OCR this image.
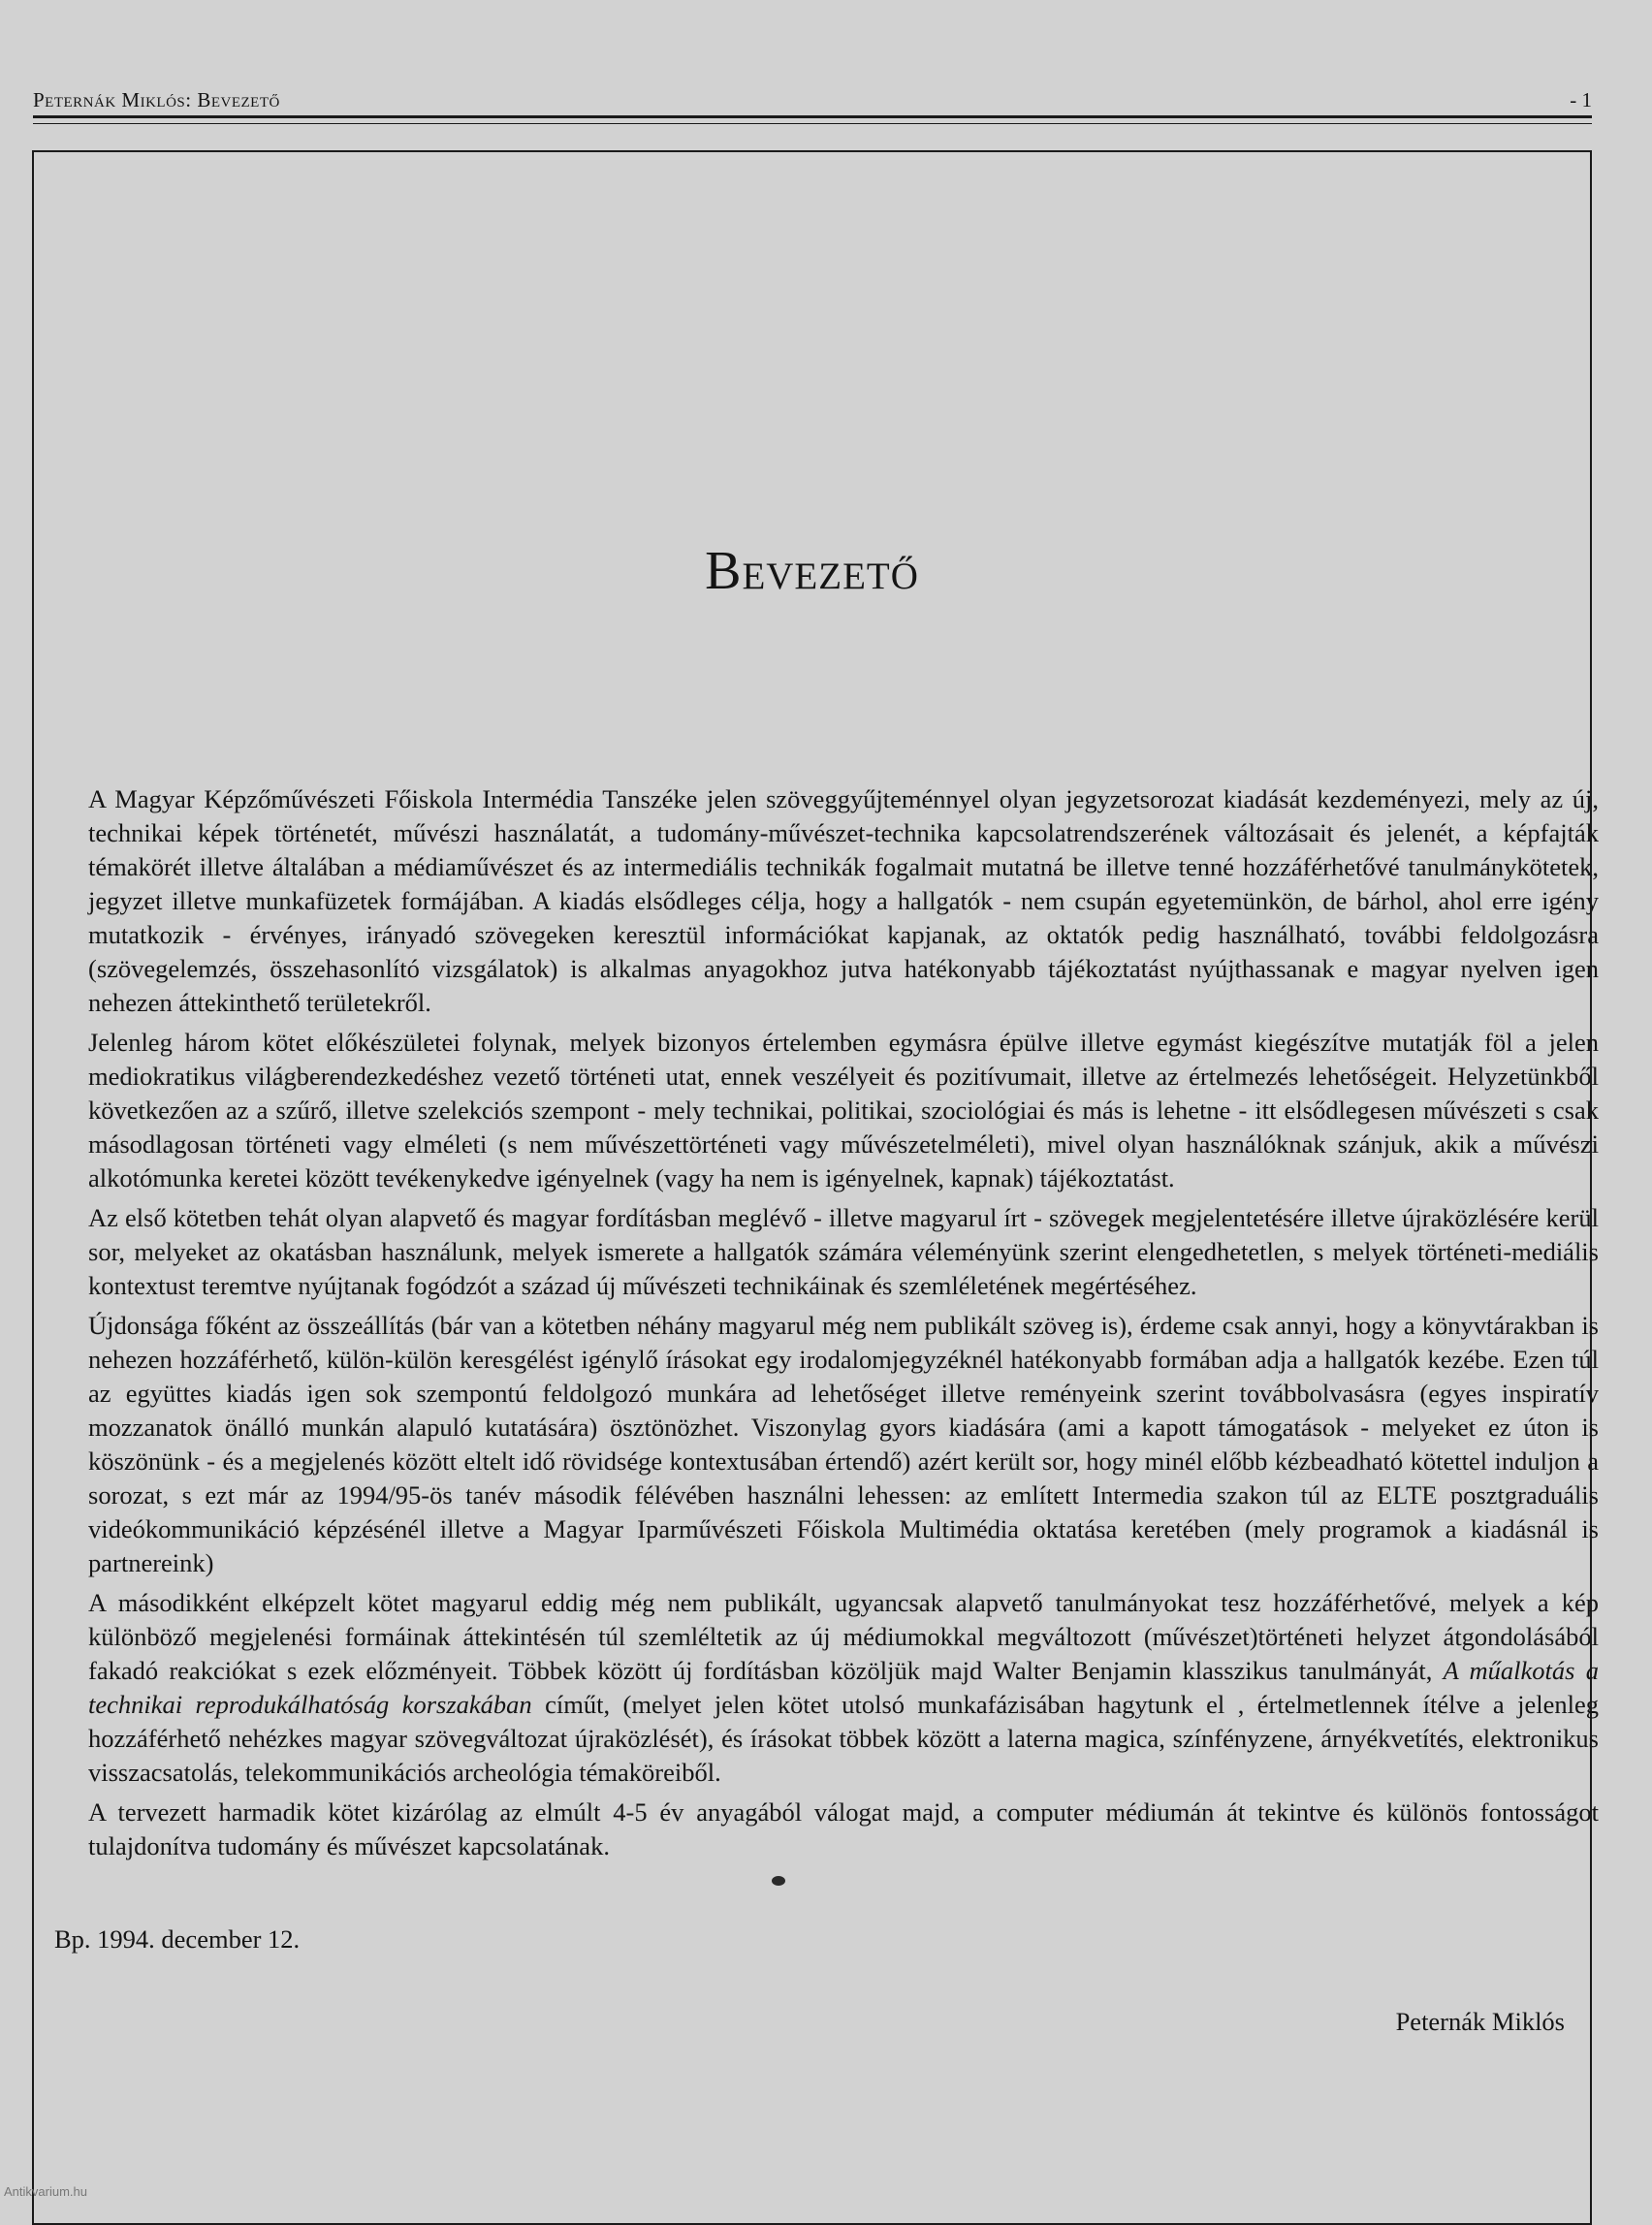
Peternák Miklós: Bevezető	- 1
Bevezető

A Magyar Képzőművészeti Főiskola Intermédia Tanszéke jelen szöveggyűjteménnyel olyan jegyzetsorozat kiadását kezdeményezi, mely az új, technikai képek történetét, művészi használatát, a tudomány-művészet-technika kapcsolatrendszerének változásait és jelenét, a képfajták témakörét illetve általában a médiaművészet és az intermediális technikák fogalmait mutatná be illetve tenné hozzáférhetővé tanulmánykötetek, jegyzet illetve munkafüzetek formájában. A kiadás elsődleges célja, hogy a hallgatók - nem csupán egyetemünkön, de bárhol, ahol erre igény mutatkozik - érvényes, irányadó szövegeken keresztül információkat kapjanak, az oktatók pedig használható, további feldolgozásra (szövegelemzés, összehasonlító vizsgálatok) is alkalmas anyagokhoz jutva hatékonyabb tájékoztatást nyújthassanak e magyar nyelven igen nehezen áttekinthető területekről.

Jelenleg három kötet előkészületei folynak, melyek bizonyos értelemben egymásra épülve illetve egymást kiegészítve mutatják föl a jelen mediokratikus világberendezkedéshez vezető történeti utat, ennek veszélyeit és pozitívumait, illetve az értelmezés lehetőségeit. Helyzetünkből következően az a szűrő, illetve szelekciós szempont - mely technikai, politikai, szociológiai és más is lehetne - itt elsődlegesen művészeti s csak másodlagosan történeti vagy elméleti (s nem művészettörténeti vagy művészetelméleti), mivel olyan használóknak szánjuk, akik a művészi alkotómunka keretei között tevékenykedve igényelnek (vagy ha nem is igényelnek, kapnak) tájékoztatást.

Az első kötetben tehát olyan alapvető és magyar fordításban meglévő - illetve magyarul írt - szövegek megjelentetésére illetve újraközlésére kerül sor, melyeket az okatásban használunk, melyek ismerete a hallgatók számára véleményünk szerint elengedhetetlen, s melyek történeti-mediális kontextust teremtve nyújtanak fogódzót a század új művészeti technikáinak és szemléletének megértéséhez.

Újdonsága főként az összeállítás (bár van a kötetben néhány magyarul még nem publikált szöveg is), érdeme csak annyi, hogy a könyvtárakban is nehezen hozzáférhető, külön-külön keresgélést igénylő írásokat egy irodalomjegyzéknél hatékonyabb formában adja a hallgatók kezébe. Ezen túl az együttes kiadás igen sok szempontú feldolgozó munkára ad lehetőséget illetve reményeink szerint továbbolvasásra (egyes inspiratív mozzanatok önálló munkán alapuló kutatására) ösztönözhet. Viszonylag gyors kiadására (ami a kapott támogatások - melyeket ez úton is köszönünk - és a megjelenés között eltelt idő rövidsége kontextusában értendő) azért került sor, hogy minél előbb kézbeadható kötettel induljon a sorozat, s ezt már az 1994/95-ös tanév második félévében használni lehessen: az említett Intermedia szakon túl az ELTE posztgraduális videókommunikáció képzésénél illetve a Magyar Iparművészeti Főiskola Multimédia oktatása keretében (mely programok a kiadásnál is partnereink)

A másodikként elképzelt kötet magyarul eddig még nem publikált, ugyancsak alapvető tanulmányokat tesz hozzáférhetővé, melyek a kép különböző megjelenési formáinak áttekintésén túl szemléltetik az új médiumokkal megváltozott (művészet)történeti helyzet átgondolásából fakadó reakciókat s ezek előzményeit. Többek között új fordításban közöljük majd Walter Benjamin klasszikus tanulmányát, A műalkotás a technikai reprodukálhatóság korszakában címűt, (melyet jelen kötet utolsó munkafázisában hagytunk el , értelmetlennek ítélve a jelenleg hozzáférhető nehézkes magyar szövegváltozat újraközlését), és írásokat többek között a laterna magica, színfényzene, árnyékvetítés, elektronikus visszacsatolás, telekommunikációs archeológia témaköreiből.

A tervezett harmadik kötet kizárólag az elmúlt 4-5 év anyagából válogat majd, a computer médiumán át tekintve és különös fontosságot tulajdonítva tudomány és művészet kapcsolatának.

Bp. 1994. december 12.
Peternák Miklós
Antikvarium.hu
